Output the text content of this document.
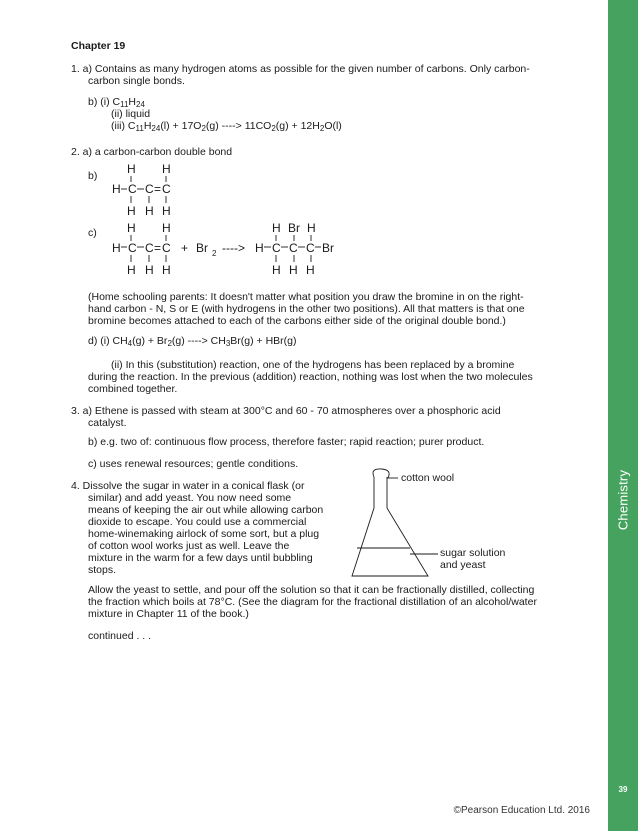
Chemistry
39
©Pearson Education Ltd. 2016
Chapter 19
1. a) Contains as many hydrogen atoms as possible for the given number of carbons. Only carbon-
carbon single bonds.
b) (i) $C_{11}H_{24}$
(ii) liquid
(iii) $C_{11}H_{24}(l) + 17O_2(g)$ ----> $11CO_2(g) + 12H_2O(l)$
2. a) a carbon-carbon double bond
b)
c)
H H
H C C = C
H H H
H H
H C C = C + Br 2 ---->
H H H
H Br H
H C C C Br
H H H
(Home schooling parents: It doesn't matter what position you draw the bromine in on the right-
hand carbon - N, S or E (with hydrogens in the other two positions). All that matters is that one
bromine becomes attached to each of the carbons either side of the original double bond.)
d) (i) $CH_4(g) + Br_2(g)$ ----> $CH_3Br(g) + HBr(g)$
(ii) In this (substitution) reaction, one of the hydrogens has been replaced by a bromine
during the reaction. In the previous (addition) reaction, nothing was lost when the two molecules
combined together.
3. a) Ethene is passed with steam at 300°C and 60 - 70 atmospheres over a phosphoric acid
catalyst.
b) e.g. two of: continuous flow process, therefore faster; rapid reaction; purer product.
c) uses renewal resources; gentle conditions.
4. Dissolve the sugar in water in a conical flask (or
similar) and add yeast. You now need some
means of keeping the air out while allowing carbon
dioxide to escape. You could use a commercial
home-winemaking airlock of some sort, but a plug
of cotton wool works just as well. Leave the
mixture in the warm for a few days until bubbling
stops.
cotton wool
sugar solution
and yeast
Allow the yeast to settle, and pour off the solution so that it can be fractionally distilled, collecting
the fraction which boils at 78°C. (See the diagram for the fractional distillation of an alcohol/water
mixture in Chapter 11 of the book.)
continued . . .
